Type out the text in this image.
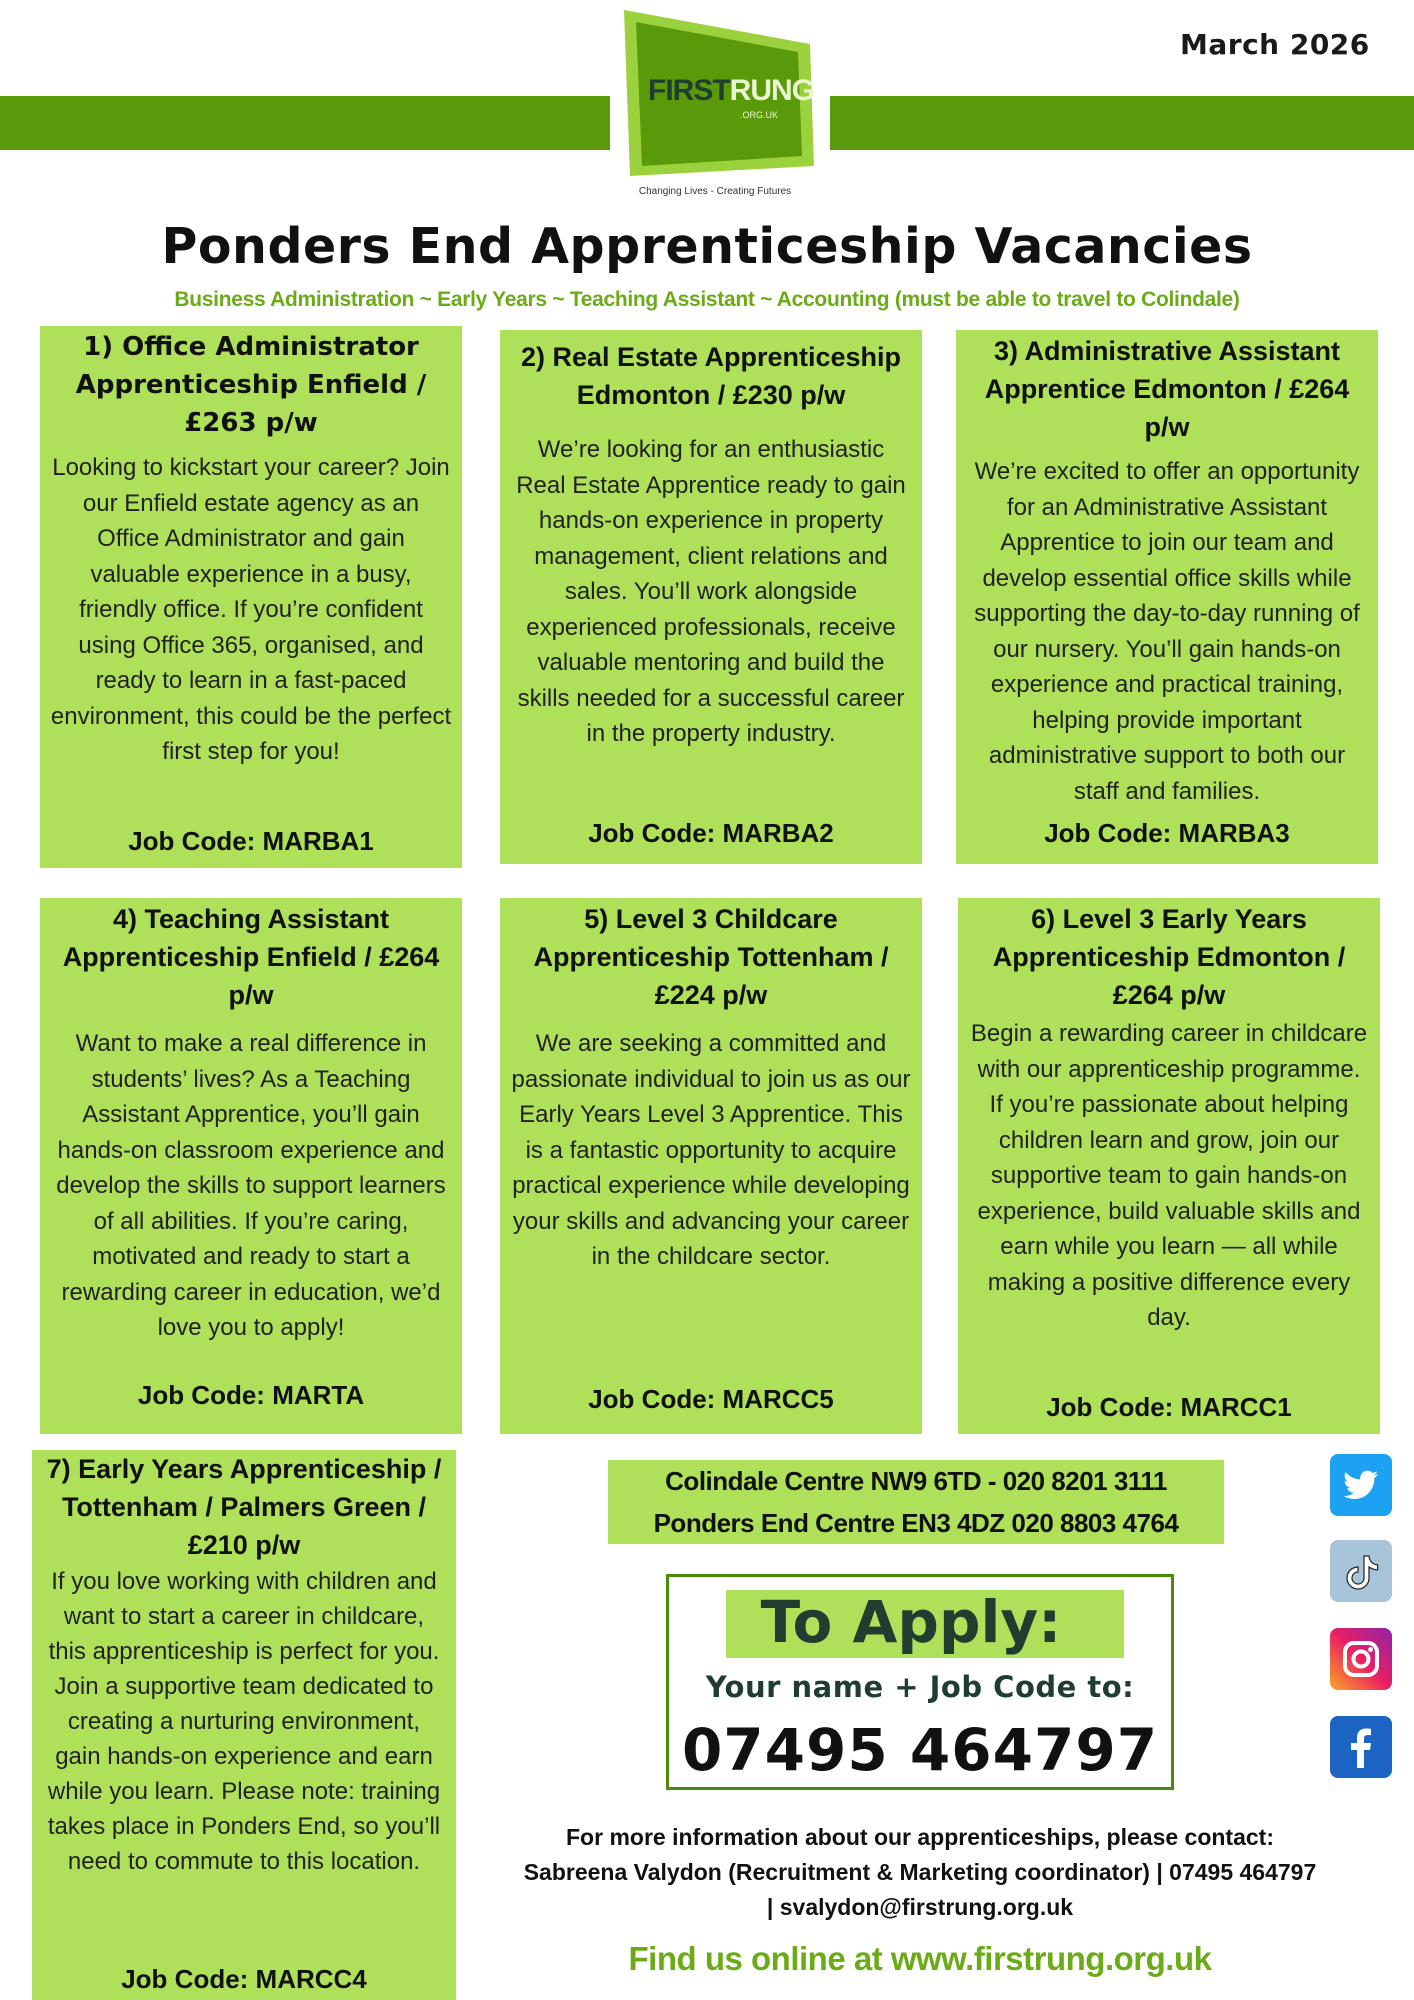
March 2026
FIRSTRUNG
.ORG.UK
Changing Lives - Creating Futures
Ponders End Apprenticeship Vacancies
Business Administration ~ Early Years ~ Teaching Assistant ~ Accounting (must be able to travel to Colindale)
1) Office Administrator Apprenticeship Enfield / £263 p/w
Looking to kickstart your career? Join our Enfield estate agency as an Office Administrator and gain valuable experience in a busy, friendly office. If you’re confident using Office 365, organised, and ready to learn in a fast-paced environment, this could be the perfect first step for you!
Job Code: MARBA1
2) Real Estate Apprenticeship Edmonton / £230 p/w
We’re looking for an enthusiastic Real Estate Apprentice ready to gain hands-on experience in property management, client relations and sales. You’ll work alongside experienced professionals, receive valuable mentoring and build the skills needed for a successful career in the property industry.
Job Code: MARBA2
3) Administrative Assistant Apprentice Edmonton / £264 p/w
We’re excited to offer an opportunity for an Administrative Assistant Apprentice to join our team and develop essential office skills while supporting the day-to-day running of our nursery. You’ll gain hands-on experience and practical training, helping provide important administrative support to both our staff and families.
Job Code: MARBA3
4) Teaching Assistant Apprenticeship Enfield / £264 p/w
Want to make a real difference in students’ lives? As a Teaching Assistant Apprentice, you’ll gain hands-on classroom experience and develop the skills to support learners of all abilities. If you’re caring, motivated and ready to start a rewarding career in education, we’d love you to apply!
Job Code: MARTA
5) Level 3 Childcare Apprenticeship Tottenham / £224 p/w
We are seeking a committed and passionate individual to join us as our Early Years Level 3 Apprentice. This is a fantastic opportunity to acquire practical experience while developing your skills and advancing your career in the childcare sector.
Job Code: MARCC5
6) Level 3 Early Years Apprenticeship Edmonton / £264 p/w
Begin a rewarding career in childcare with our apprenticeship programme. If you’re passionate about helping children learn and grow, join our supportive team to gain hands-on experience, build valuable skills and earn while you learn — all while making a positive difference every day.
Job Code: MARCC1
7) Early Years Apprenticeship / Tottenham / Palmers Green / £210 p/w
If you love working with children and want to start a career in childcare, this apprenticeship is perfect for you. Join a supportive team dedicated to creating a nurturing environment, gain hands-on experience and earn while you learn. Please note: training takes place in Ponders End, so you’ll need to commute to this location.
Job Code: MARCC4
Colindale Centre NW9 6TD - 020 8201 3111
Ponders End Centre EN3 4DZ 020 8803 4764
To Apply:
Your name + Job Code to:
07495 464797
For more information about our apprenticeships, please contact:
Sabreena Valydon (Recruitment & Marketing coordinator) | 07495 464797
| svalydon@firstrung.org.uk
Find us online at www.firstrung.org.uk
